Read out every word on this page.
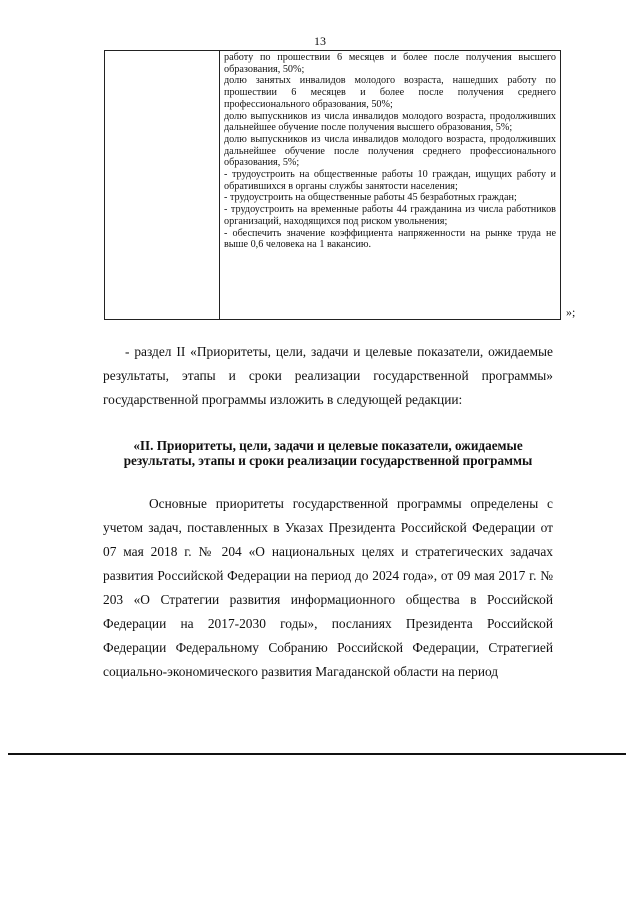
13

работу по прошествии 6 месяцев и более после получения высшего образования, 50%;

долю занятых инвалидов молодого возраста, нашедших работу по прошествии 6 месяцев и более после получения среднего профессионального образования, 50%;

долю выпускников из числа инвалидов молодого возраста, продолживших дальнейшее обучение после получения высшего образования, 5%;

долю выпускников из числа инвалидов молодого возраста, продолживших дальнейшее обучение после получения среднего профессионального образования, 5%;

- трудоустроить на общественные работы 10 граждан, ищущих работу и обратившихся в органы службы занятости населения;

- трудоустроить на общественные работы 45 безработных граждан;

- трудоустроить на временные работы 44 гражданина из числа работников организаций, находящихся под риском увольнения;

- обеспечить значение коэффициента напряженности на рынке труда не выше 0,6 человека на 1 вакансию.

»;

- раздел II «Приоритеты, цели, задачи и целевые показатели, ожидаемые результаты, этапы и сроки реализации государственной программы» государственной программы изложить в следующей редакции:

«II. Приоритеты, цели, задачи и целевые показатели, ожидаемые результаты, этапы и сроки реализации государственной программы

Основные приоритеты государственной программы определены с учетом задач, поставленных в Указах Президента Российской Федерации от 07 мая 2018 г. № 204 «О национальных целях и стратегических задачах развития Российской Федерации на период до 2024 года», от 09 мая 2017 г. № 203 «О Стратегии развития информационного общества в Российской Федерации на 2017-2030 годы», посланиях Президента Российской Федерации Федеральному Собранию Российской Федерации, Стратегией социально-экономического развития Магаданской области на период
